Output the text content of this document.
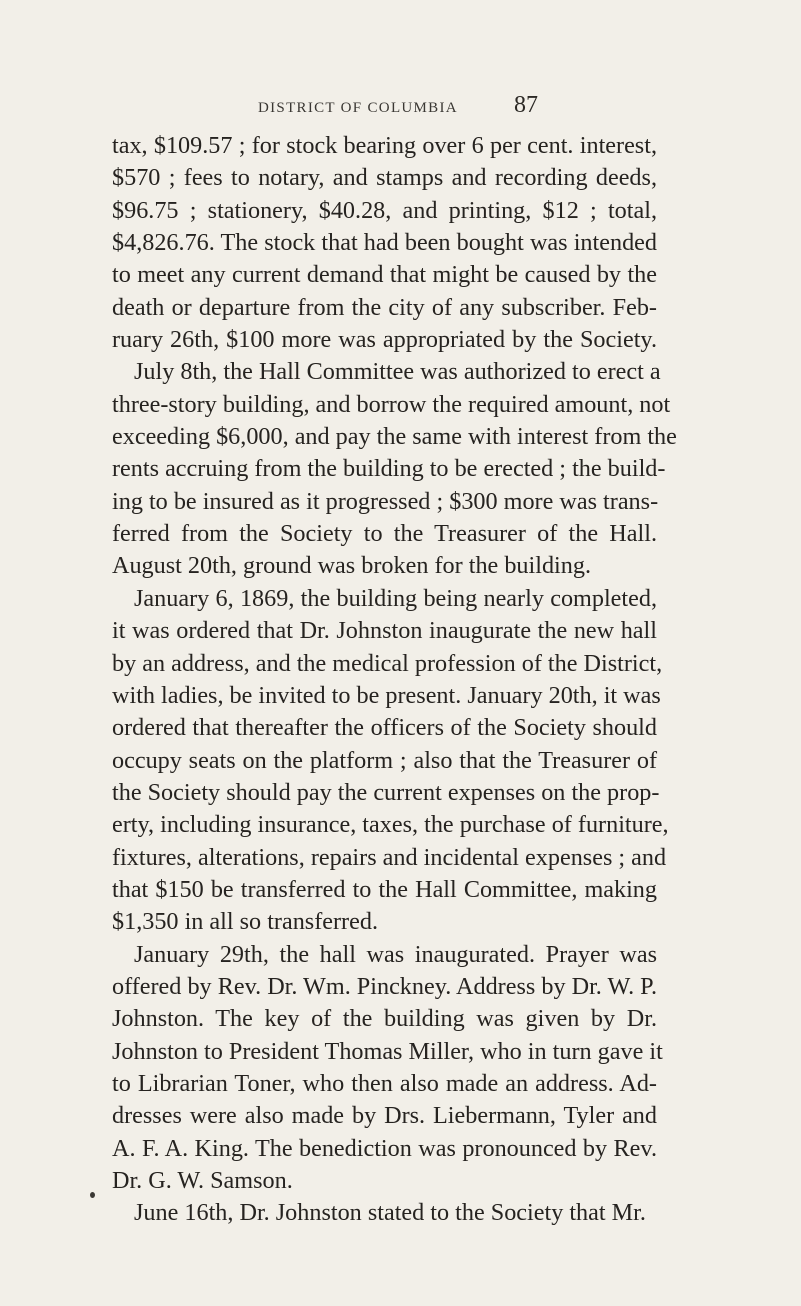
DISTRICT OF COLUMBIA 87
tax, $109.57 ; for stock bearing over 6 per cent. interest,
$570 ; fees to notary, and stamps and recording deeds,
$96.75 ; stationery, $40.28, and printing, $12 ; total,
$4,826.76. The stock that had been bought was intended
to meet any current demand that might be caused by the
death or departure from the city of any subscriber. Feb-
ruary 26th, $100 more was appropriated by the Society.
July 8th, the Hall Committee was authorized to erect a
three-story building, and borrow the required amount, not
exceeding $6,000, and pay the same with interest from the
rents accruing from the building to be erected ; the build-
ing to be insured as it progressed ; $300 more was trans-
ferred from the Society to the Treasurer of the Hall.
August 20th, ground was broken for the building.
January 6, 1869, the building being nearly completed,
it was ordered that Dr. Johnston inaugurate the new hall
by an address, and the medical profession of the District,
with ladies, be invited to be present. January 20th, it was
ordered that thereafter the officers of the Society should
occupy seats on the platform ; also that the Treasurer of
the Society should pay the current expenses on the prop-
erty, including insurance, taxes, the purchase of furniture,
fixtures, alterations, repairs and incidental expenses ; and
that $150 be transferred to the Hall Committee, making
$1,350 in all so transferred.
January 29th, the hall was inaugurated. Prayer was
offered by Rev. Dr. Wm. Pinckney. Address by Dr. W. P.
Johnston. The key of the building was given by Dr.
Johnston to President Thomas Miller, who in turn gave it
to Librarian Toner, who then also made an address. Ad-
dresses were also made by Drs. Liebermann, Tyler and
A. F. A. King. The benediction was pronounced by Rev.
Dr. G. W. Samson.
June 16th, Dr. Johnston stated to the Society that Mr.
